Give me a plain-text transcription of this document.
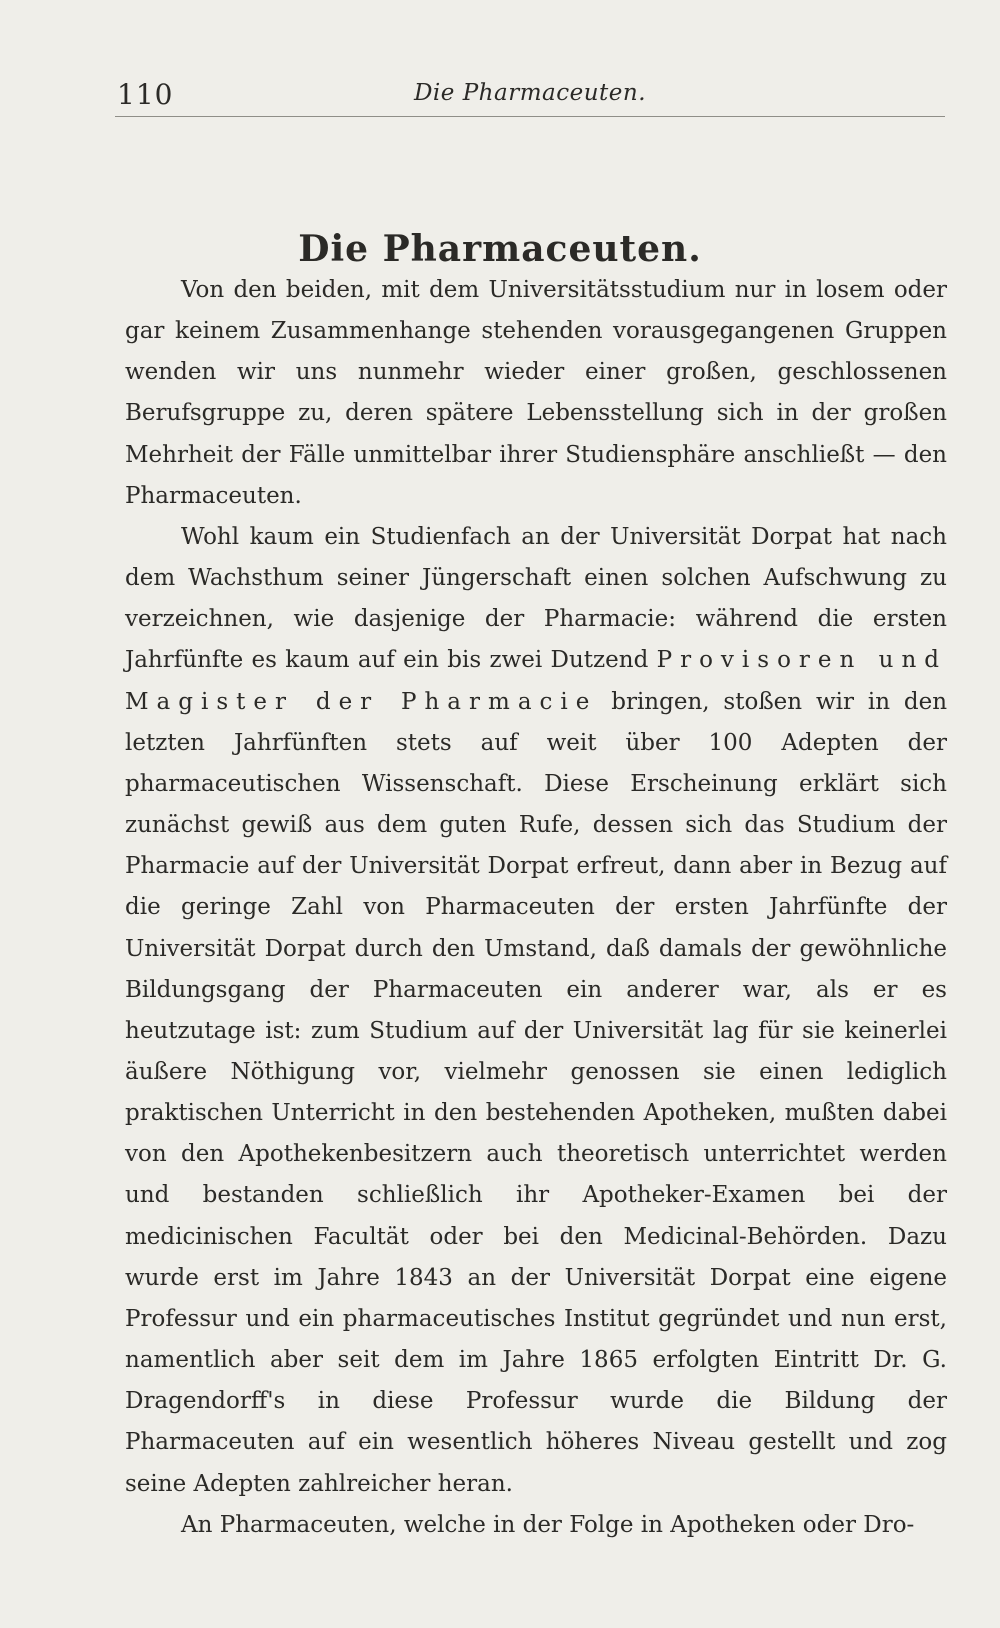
110	Die Pharmaceuten.
Die Pharmaceuten.

Von den beiden, mit dem Universitätsstudium nur in losem oder gar keinem Zusammenhange stehenden vorausgegangenen Gruppen wenden wir uns nunmehr wieder einer großen, geschlossenen Berufsgruppe zu, deren spätere Lebensstellung sich in der großen Mehrheit der Fälle unmittelbar ihrer Studiensphäre anschließt — den Pharmaceuten.

Wohl kaum ein Studienfach an der Universität Dorpat hat nach dem Wachsthum seiner Jüngerschaft einen solchen Aufschwung zu verzeichnen, wie dasjenige der Pharmacie: während die ersten Jahrfünfte es kaum auf ein bis zwei Dutzend Provisoren und Magister der Pharmacie bringen, stoßen wir in den letzten Jahrfünften stets auf weit über 100 Adepten der pharmaceutischen Wissenschaft. Diese Erscheinung erklärt sich zunächst gewiß aus dem guten Rufe, dessen sich das Studium der Pharmacie auf der Universität Dorpat erfreut, dann aber in Bezug auf die geringe Zahl von Pharmaceuten der ersten Jahrfünfte der Universität Dorpat durch den Umstand, daß damals der gewöhnliche Bildungsgang der Pharmaceuten ein anderer war, als er es heutzutage ist: zum Studium auf der Universität lag für sie keinerlei äußere Nöthigung vor, vielmehr genossen sie einen lediglich praktischen Unterricht in den bestehenden Apotheken, mußten dabei von den Apothekenbesitzern auch theoretisch unterrichtet werden und bestanden schließlich ihr Apotheker-Examen bei der medicinischen Facultät oder bei den Medicinal-Behörden. Dazu wurde erst im Jahre 1843 an der Universität Dorpat eine eigene Professur und ein pharmaceutisches Institut gegründet und nun erst, namentlich aber seit dem im Jahre 1865 erfolgten Eintritt Dr. G. Dragendorff's in diese Professur wurde die Bildung der Pharmaceuten auf ein wesentlich höheres Niveau gestellt und zog seine Adepten zahlreicher heran.

An Pharmaceuten, welche in der Folge in Apotheken oder Dro-
